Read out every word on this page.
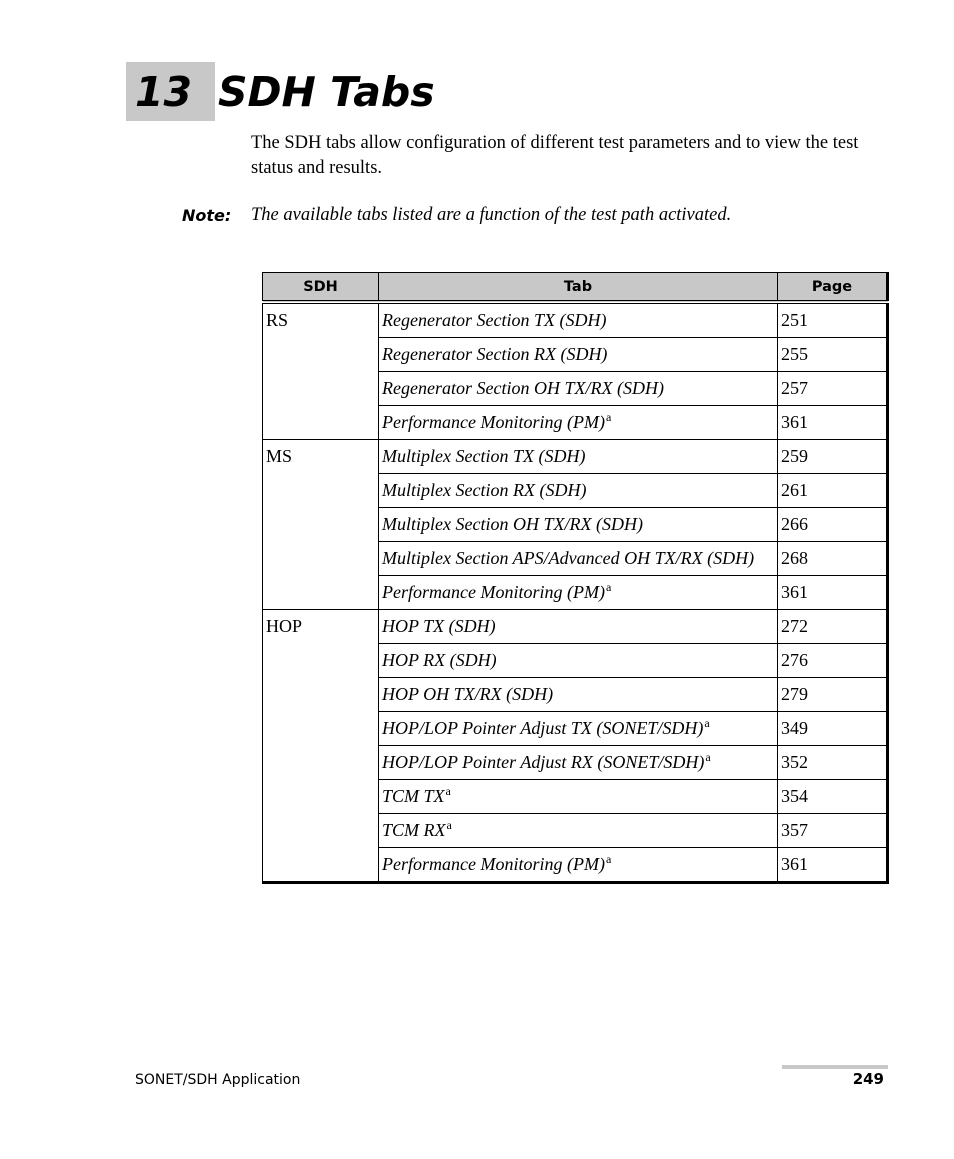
13 SDH Tabs

The SDH tabs allow configuration of different test parameters and to view the test status and results.

Note: The available tabs listed are a function of the test path activated.
SDH	Tab	Page
RS	Regenerator Section TX (SDH)	251
	Regenerator Section RX (SDH)	255
	Regenerator Section OH TX/RX (SDH)	257
	Performance Monitoring (PM)$^a$	361
MS	Multiplex Section TX (SDH)	259
	Multiplex Section RX (SDH)	261
	Multiplex Section OH TX/RX (SDH)	266
	Multiplex Section APS/Advanced OH TX/RX (SDH)	268
	Performance Monitoring (PM)$^a$	361
HOP	HOP TX (SDH)	272
	HOP RX (SDH)	276
	HOP OH TX/RX (SDH)	279
	HOP/LOP Pointer Adjust TX (SONET/SDH)$^a$	349
	HOP/LOP Pointer Adjust RX (SONET/SDH)$^a$	352
	TCM TX$^a$	354
	TCM RX$^a$	357
	Performance Monitoring (PM)$^a$	361
SONET/SDH Application	249
